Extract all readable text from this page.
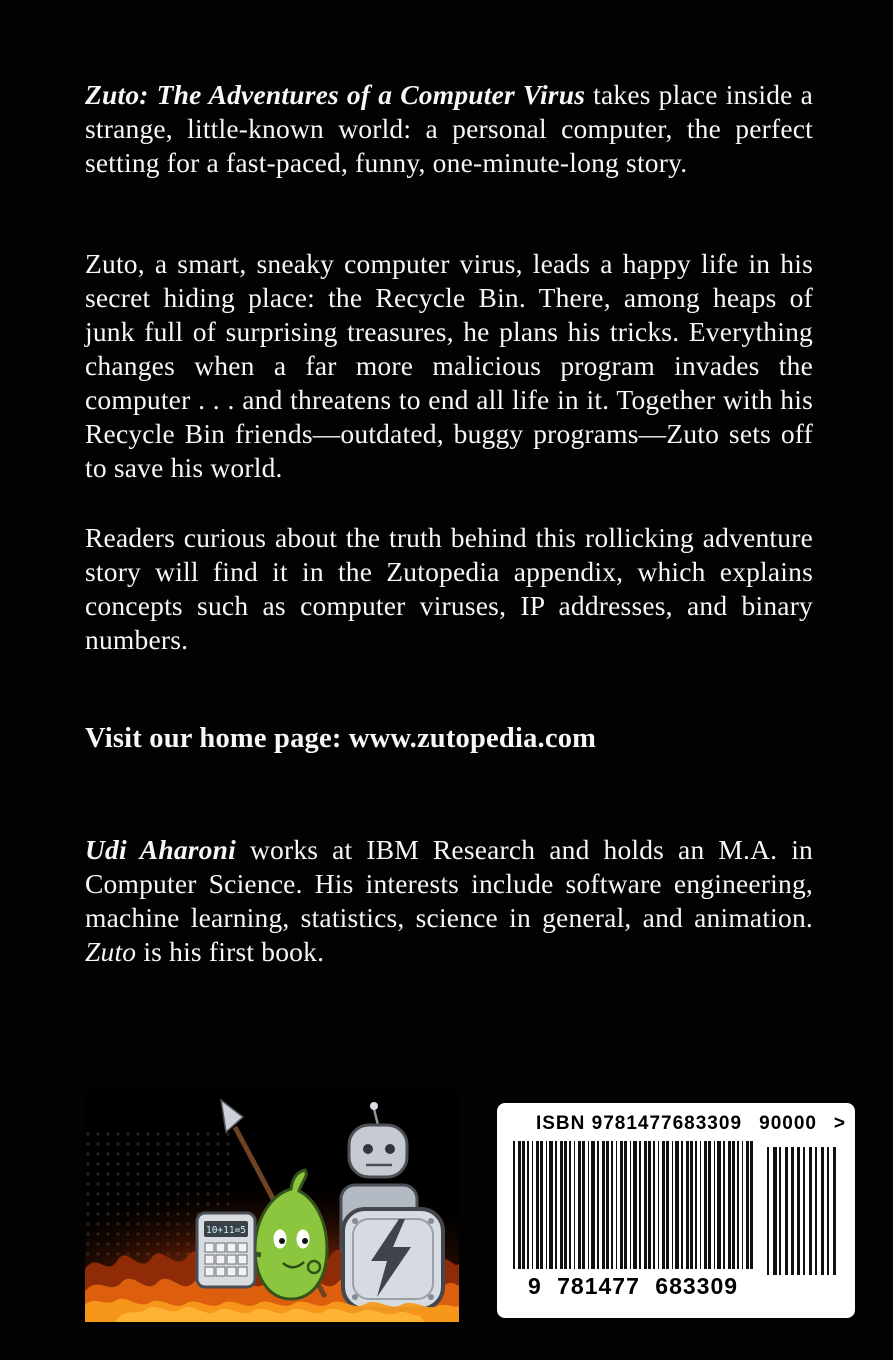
Zuto: The Adventures of a Computer Virus takes place inside a strange, little-known world: a personal computer, the perfect setting for a fast-paced, funny, one-minute-long story.

Zuto, a smart, sneaky computer virus, leads a happy life in his secret hiding place: the Recycle Bin. There, among heaps of junk full of surprising treasures, he plans his tricks. Everything changes when a far more malicious program invades the computer . . . and threatens to end all life in it. Together with his Recycle Bin friends—outdated, buggy programs—Zuto sets off to save his world.

Readers curious about the truth behind this rollicking adventure story will find it in the Zutopedia appendix, which explains concepts such as computer viruses, IP addresses, and binary numbers.

Visit our home page: www.zutopedia.com

Udi Aharoni works at IBM Research and holds an M.A. in Computer Science. His interests include software engineering, machine learning, statistics, science in general, and animation. Zuto is his first book.

10+11=5
ISBN 9781477683309 90000 >
9 781477 683309
